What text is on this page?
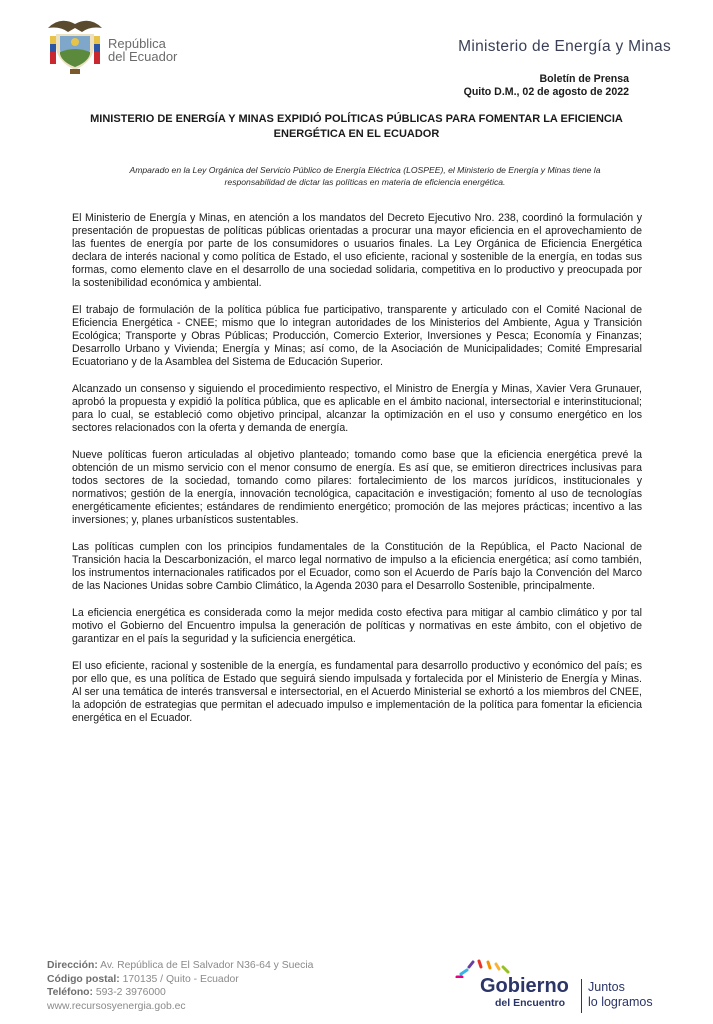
República
del Ecuador
Ministerio de Energía y Minas
Boletín de Prensa
Quito D.M., 02 de agosto de 2022
MINISTERIO DE ENERGÍA Y MINAS EXPIDIÓ POLÍTICAS PÚBLICAS PARA FOMENTAR LA EFICIENCIA
ENERGÉTICA EN EL ECUADOR
Amparado en la Ley Orgánica del Servicio Público de Energía Eléctrica (LOSPEE), el Ministerio de Energía y Minas tiene la
responsabilidad de dictar las políticas en materia de eficiencia energética.

El Ministerio de Energía y Minas, en atención a los mandatos del Decreto Ejecutivo Nro. 238, coordinó la formulación y presentación de propuestas de políticas públicas orientadas a procurar una mayor eficiencia en el aprovechamiento de las fuentes de energía por parte de los consumidores o usuarios finales. La Ley Orgánica de Eficiencia Energética declara de interés nacional y como política de Estado, el uso eficiente, racional y sostenible de la energía, en todas sus formas, como elemento clave en el desarrollo de una sociedad solidaria, competitiva en lo productivo y preocupada por la sostenibilidad económica y ambiental.

El trabajo de formulación de la política pública fue participativo, transparente y articulado con el Comité Nacional de Eficiencia Energética - CNEE; mismo que lo integran autoridades de los Ministerios del Ambiente, Agua y Transición Ecológica; Transporte y Obras Públicas; Producción, Comercio Exterior, Inversiones y Pesca; Economía y Finanzas; Desarrollo Urbano y Vivienda; Energía y Minas; así como, de la Asociación de Municipalidades; Comité Empresarial Ecuatoriano y de la Asamblea del Sistema de Educación Superior.

Alcanzado un consenso y siguiendo el procedimiento respectivo, el Ministro de Energía y Minas, Xavier Vera Grunauer, aprobó la propuesta y expidió la política pública, que es aplicable en el ámbito nacional, intersectorial e interinstitucional; para lo cual, se estableció como objetivo principal, alcanzar la optimización en el uso y consumo energético en los sectores relacionados con la oferta y demanda de energía.

Nueve políticas fueron articuladas al objetivo planteado; tomando como base que la eficiencia energética prevé la obtención de un mismo servicio con el menor consumo de energía. Es así que, se emitieron directrices inclusivas para todos sectores de la sociedad, tomando como pilares: fortalecimiento de los marcos jurídicos, institucionales y normativos; gestión de la energía, innovación tecnológica, capacitación e investigación; fomento al uso de tecnologías energéticamente eficientes; estándares de rendimiento energético; promoción de las mejores prácticas; incentivo a las inversiones; y, planes urbanísticos sustentables.

Las políticas cumplen con los principios fundamentales de la Constitución de la República, el Pacto Nacional de Transición hacia la Descarbonización, el marco legal normativo de impulso a la eficiencia energética; así como también, los instrumentos internacionales ratificados por el Ecuador, como son el Acuerdo de París bajo la Convención del Marco de las Naciones Unidas sobre Cambio Climático, la Agenda 2030 para el Desarrollo Sostenible, principalmente.

La eficiencia energética es considerada como la mejor medida costo efectiva para mitigar al cambio climático y por tal motivo el Gobierno del Encuentro impulsa la generación de políticas y normativas en este ámbito, con el objetivo de garantizar en el país la seguridad y la suficiencia energética.

El uso eficiente, racional y sostenible de la energía, es fundamental para desarrollo productivo y económico del país; es por ello que, es una política de Estado que seguirá siendo impulsada y fortalecida por el Ministerio de Energía y Minas. Al ser una temática de interés transversal e intersectorial, en el Acuerdo Ministerial se exhortó a los miembros del CNEE, la adopción de estrategias que permitan el adecuado impulso e implementación de la política para fomentar la eficiencia energética en el Ecuador.

Dirección: Av. República de El Salvador N36-64 y Suecia
Código postal: 170135 / Quito - Ecuador
Teléfono: 593-2 3976000
www.recursosyenergia.gob.ec
Gobierno
del Encuentro
Juntos
lo logramos
